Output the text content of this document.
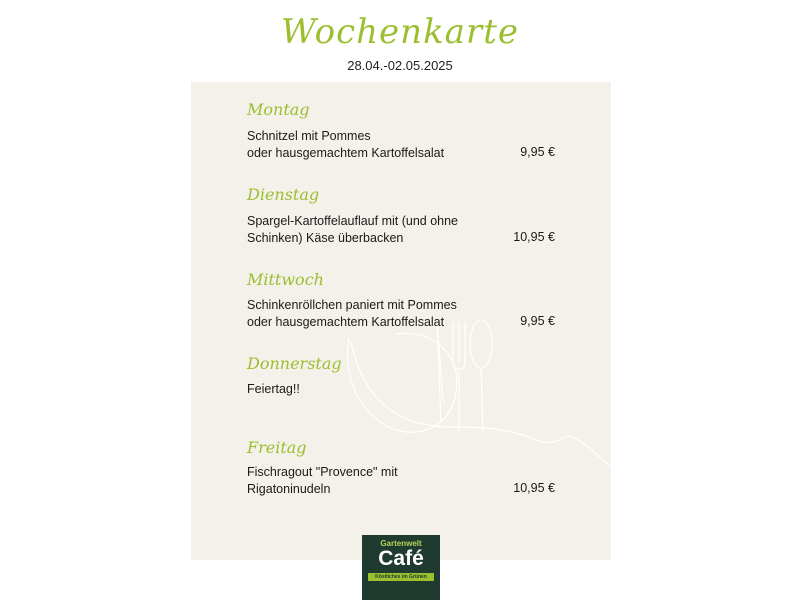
Wochenkarte
28.04.-02.05.2025
Montag
Schnitzel mit Pommes
oder hausgemachtem Kartoffelsalat	9,95 €
Dienstag
Spargel-Kartoffelauflauf mit (und ohne
Schinken) Käse überbacken	10,95 €
Mittwoch
Schinkenröllchen paniert mit Pommes
oder hausgemachtem Kartoffelsalat	9,95 €
Donnerstag
Feiertag!!
Freitag
Fischragout "Provence" mit
Rigatoninudeln	10,95 €
Gartenwelt
Café
Köstliches im Grünen
